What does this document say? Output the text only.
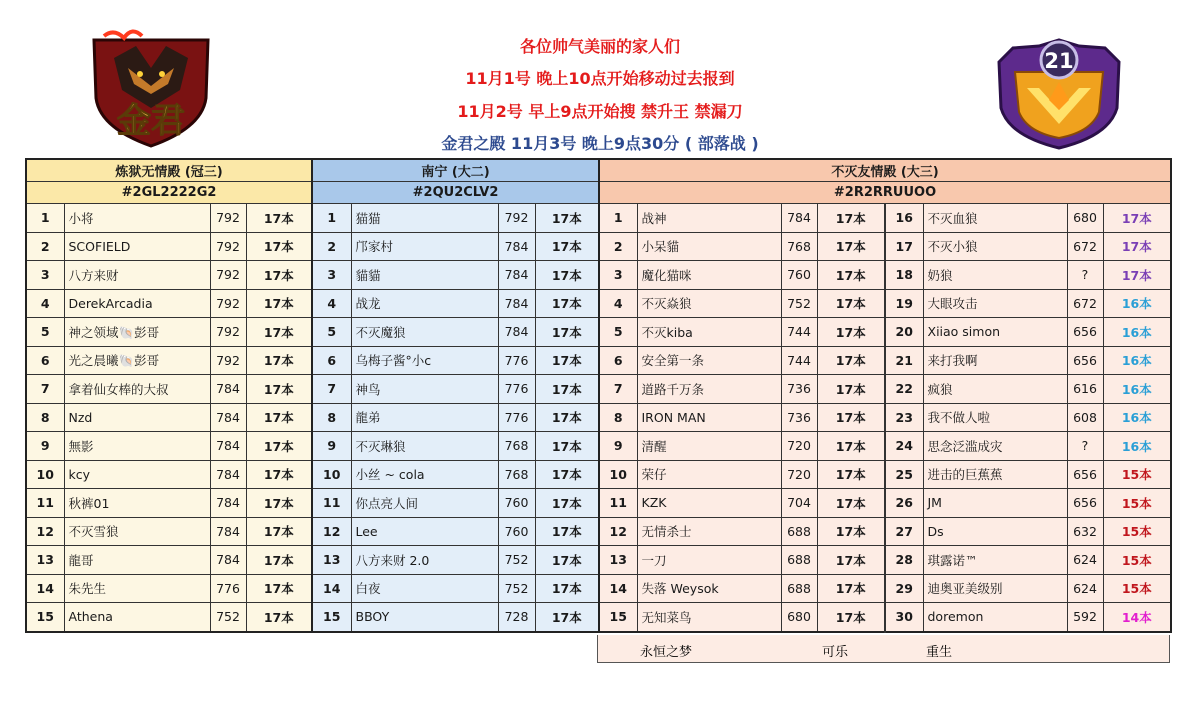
金君
21
各位帅气美丽的家人们
11月1号 晚上10点开始移动过去报到
11月2号 早上9点开始搜 禁升王 禁漏刀
金君之殿 11月3号 晚上9点30分 ( 部落战 )
炼狱无情殿 (冠三)			
#2GL2222G2			
1	小将	792	17本
2	SCOFIELD	792	17本
3	八方来财	792	17本
4	DerekArcadia	792	17本
5	神之领域🐚彭哥	792	17本
6	光之晨曦🐚彭哥	792	17本
7	拿着仙女棒的大叔	784	17本
8	Nzd	784	17本
9	無影	784	17本
10	kcy	784	17本
11	秋裤01	784	17本
12	不灭雪狼	784	17本
13	龍哥	784	17本
14	朱先生	776	17本
15	Athena	752	17本
南宁 (大二)			
#2QU2CLV2			
1	猫猫	792	17本
2	邝家村	784	17本
3	貓貓	784	17本
4	战龙	784	17本
5	不灭魔狼	784	17本
6	乌梅子酱°小c	776	17本
7	神鸟	776	17本
8	龍弟	776	17本
9	不灭琳狼	768	17本
10	小丝 ~ cola	768	17本
11	你点亮人间	760	17本
12	Lee	760	17本
13	八方来财 2.0	752	17本
14	白夜	752	17本
15	BBOY	728	17本
不灭友情殿 (大三)							
#2R2RRUUOO							
1	战神	784	17本	16	不灭血狼	680	17本
2	小呆貓	768	17本	17	不灭小狼	672	17本
3	魔化猫咪	760	17本	18	奶狼	?	17本
4	不灭焱狼	752	17本	19	大眼攻击	672	16本
5	不灭kiba	744	17本	20	Xiiao simon	656	16本
6	安全第一条	744	17本	21	来打我啊	656	16本
7	道路千万条	736	17本	22	疯狼	616	16本
8	IRON MAN	736	17本	23	我不做人啦	608	16本
9	清醒	720	17本	24	思念泛滥成灾	?	16本
10	荣仔	720	17本	25	进击的巨蕉蕉	656	15本
11	KZK	704	17本	26	JM	656	15本
12	无情杀士	688	17本	27	Ds	632	15本
13	一刀	688	17本	28	琪露诺™	624	15本
14	失落 Weysok	688	17本	29	迪奥亚美级别	624	15本
15	无知菜鸟	680	17本	30	doremon	592	14本
永恒之梦	可乐	重生
